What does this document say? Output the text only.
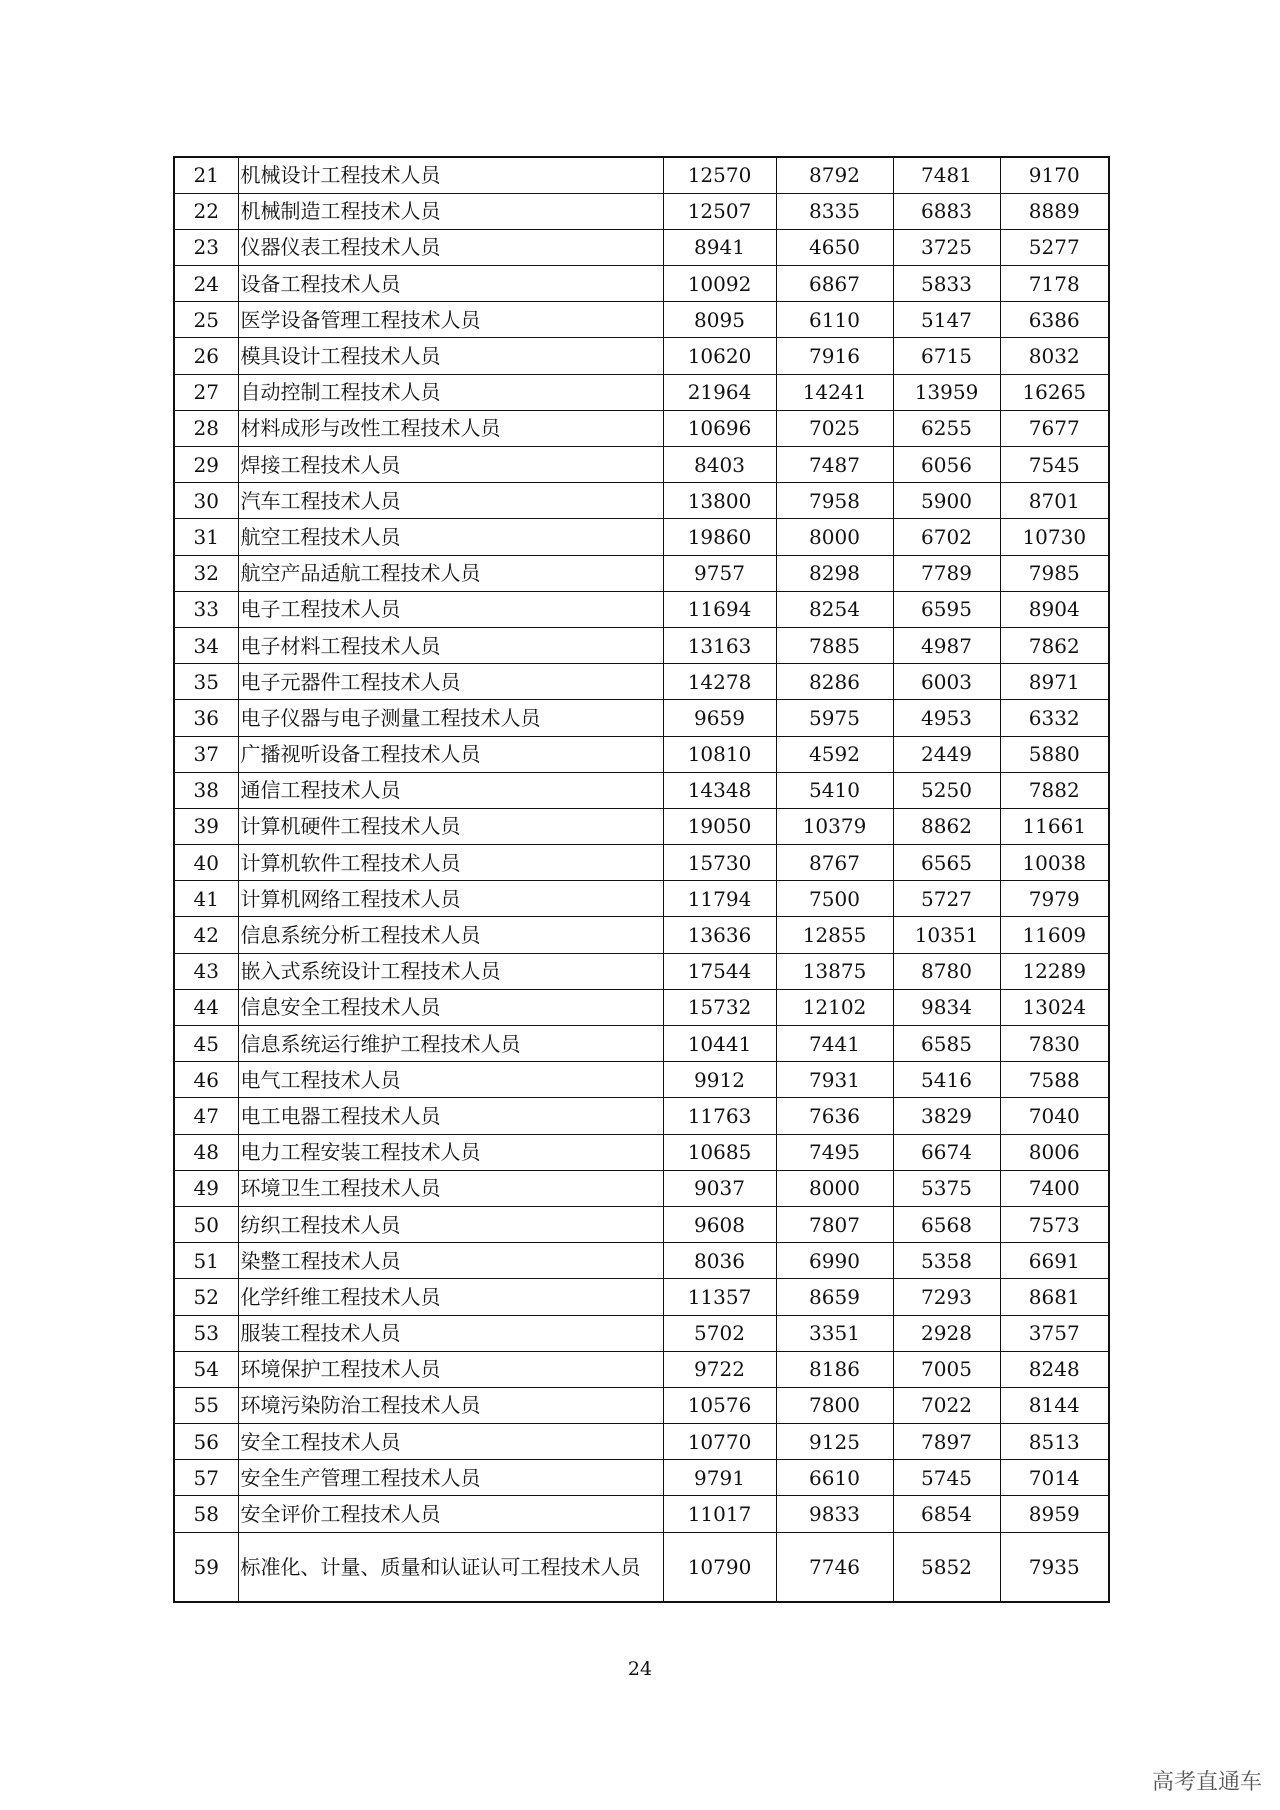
21	机械设计工程技术人员	12570	8792	7481	9170
22	机械制造工程技术人员	12507	8335	6883	8889
23	仪器仪表工程技术人员	8941	4650	3725	5277
24	设备工程技术人员	10092	6867	5833	7178
25	医学设备管理工程技术人员	8095	6110	5147	6386
26	模具设计工程技术人员	10620	7916	6715	8032
27	自动控制工程技术人员	21964	14241	13959	16265
28	材料成形与改性工程技术人员	10696	7025	6255	7677
29	焊接工程技术人员	8403	7487	6056	7545
30	汽车工程技术人员	13800	7958	5900	8701
31	航空工程技术人员	19860	8000	6702	10730
32	航空产品适航工程技术人员	9757	8298	7789	7985
33	电子工程技术人员	11694	8254	6595	8904
34	电子材料工程技术人员	13163	7885	4987	7862
35	电子元器件工程技术人员	14278	8286	6003	8971
36	电子仪器与电子测量工程技术人员	9659	5975	4953	6332
37	广播视听设备工程技术人员	10810	4592	2449	5880
38	通信工程技术人员	14348	5410	5250	7882
39	计算机硬件工程技术人员	19050	10379	8862	11661
40	计算机软件工程技术人员	15730	8767	6565	10038
41	计算机网络工程技术人员	11794	7500	5727	7979
42	信息系统分析工程技术人员	13636	12855	10351	11609
43	嵌入式系统设计工程技术人员	17544	13875	8780	12289
44	信息安全工程技术人员	15732	12102	9834	13024
45	信息系统运行维护工程技术人员	10441	7441	6585	7830
46	电气工程技术人员	9912	7931	5416	7588
47	电工电器工程技术人员	11763	7636	3829	7040
48	电力工程安装工程技术人员	10685	7495	6674	8006
49	环境卫生工程技术人员	9037	8000	5375	7400
50	纺织工程技术人员	9608	7807	6568	7573
51	染整工程技术人员	8036	6990	5358	6691
52	化学纤维工程技术人员	11357	8659	7293	8681
53	服装工程技术人员	5702	3351	2928	3757
54	环境保护工程技术人员	9722	8186	7005	8248
55	环境污染防治工程技术人员	10576	7800	7022	8144
56	安全工程技术人员	10770	9125	7897	8513
57	安全生产管理工程技术人员	9791	6610	5745	7014
58	安全评价工程技术人员	11017	9833	6854	8959
59	标准化、计量、质量和认证认可工程技术人员	10790	7746	5852	7935
24
高考直通车
